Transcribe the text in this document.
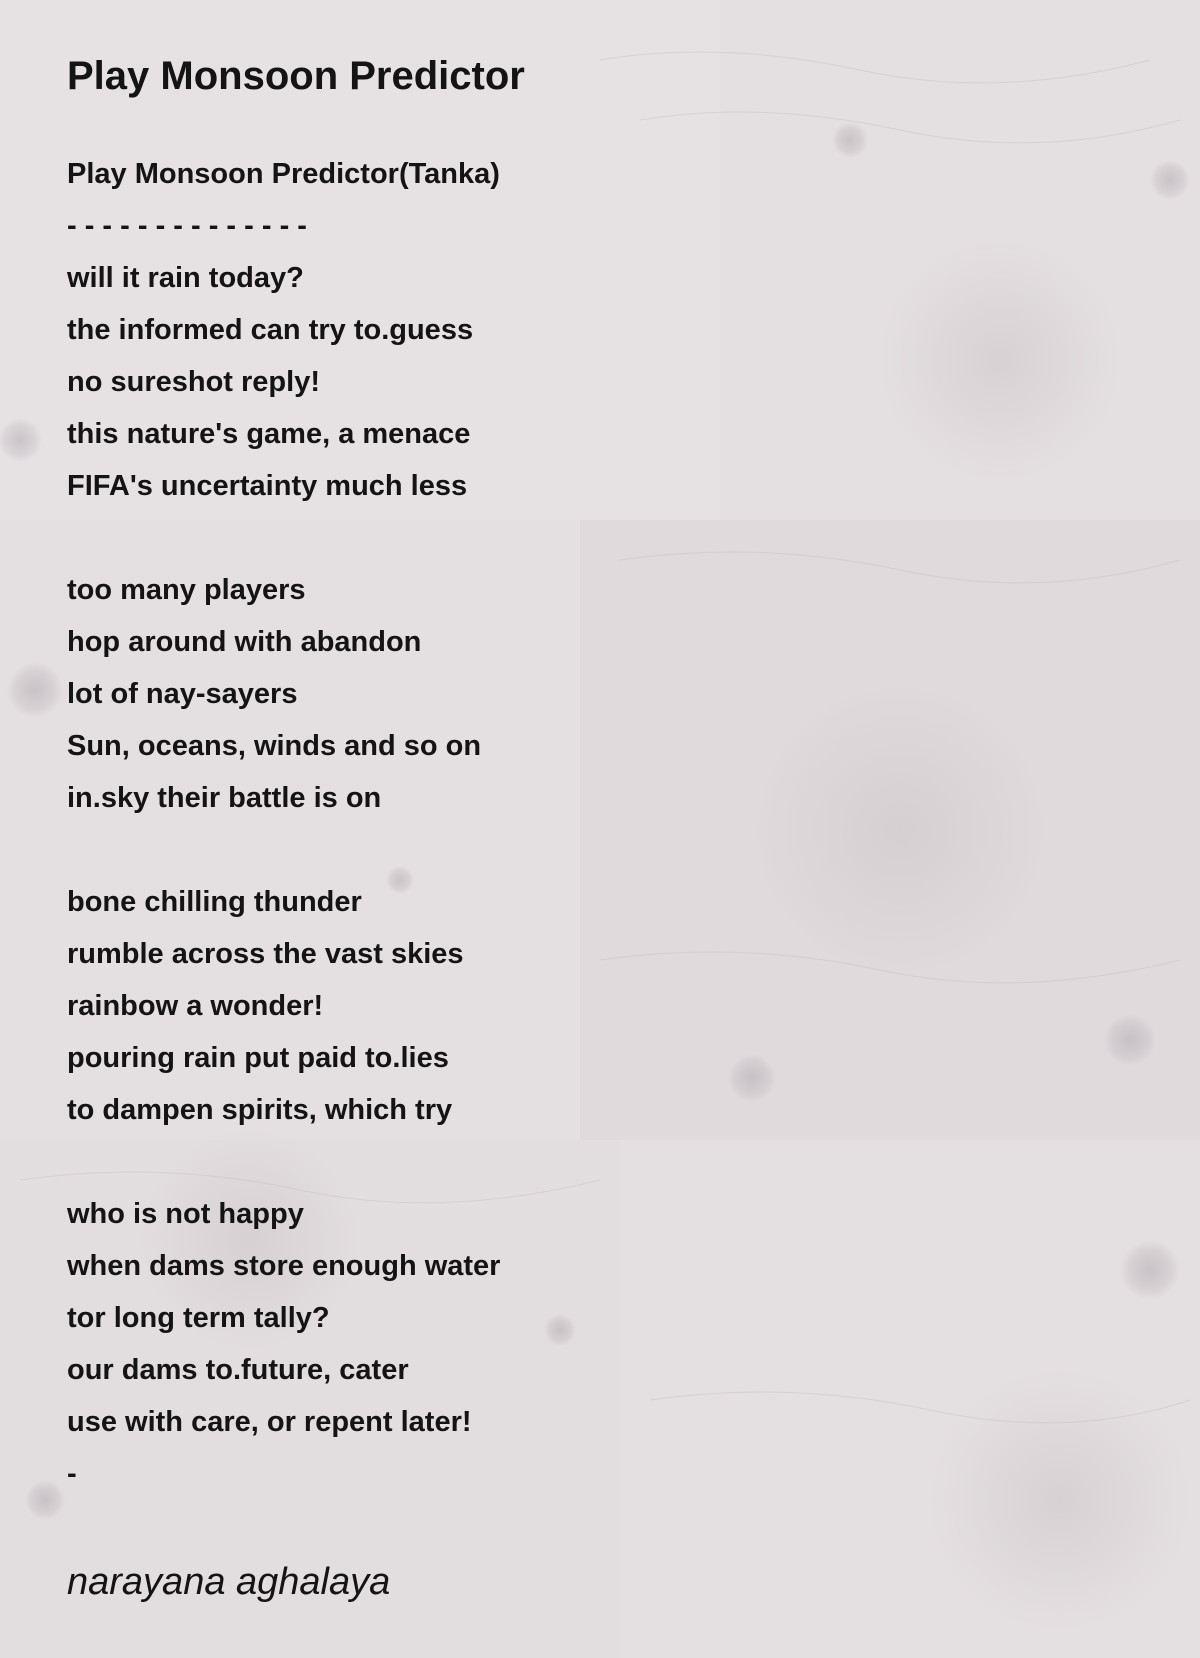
Play Monsoon Predictor
Play Monsoon Predictor(Tanka)
- - - - - - - - - - - - - -
will it rain today?
the informed can try to.guess
no sureshot reply!
this nature's game, a menace
FIFA's uncertainty much less
too many players
hop around with abandon
lot of nay-sayers
Sun, oceans, winds and so on
in.sky their battle is on
bone chilling thunder
rumble across the vast skies
rainbow a wonder!
pouring rain put paid to.lies
to dampen spirits, which try
who is not happy
when dams store enough water
tor long term tally?
our dams to.future, cater
use with care, or repent later!
-
narayana aghalaya
